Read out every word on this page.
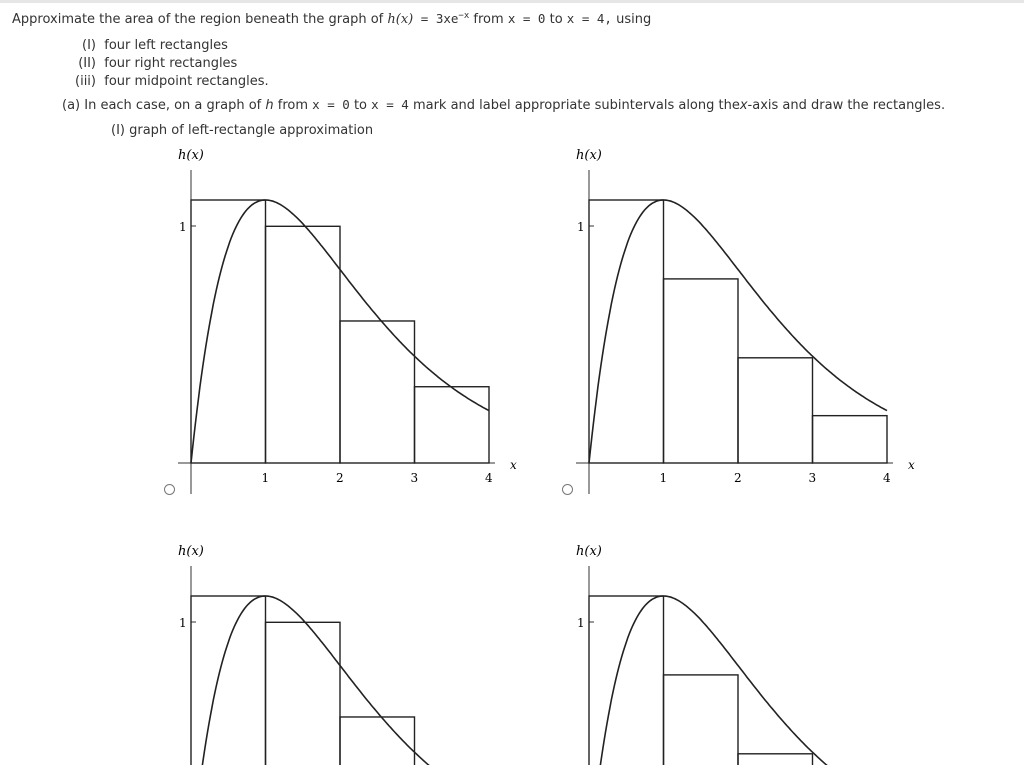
Approximate the area of the region beneath the graph of $h(x) = 3xe^{-x}$ from x = 0 to x = 4, using
(I) four left rectangles
(II) four right rectangles
(iii) four midpoint rectangles.
(a) In each case, on a graph of h from x = 0 to x = 4 mark and label appropriate subintervals along thex-axis and draw the rectangles.
(I) graph of left-rectangle approximation
h(x)
1
1	2	3	4
x
h(x)
1
1	2	3	4
x
h(x)
1
h(x)
1
